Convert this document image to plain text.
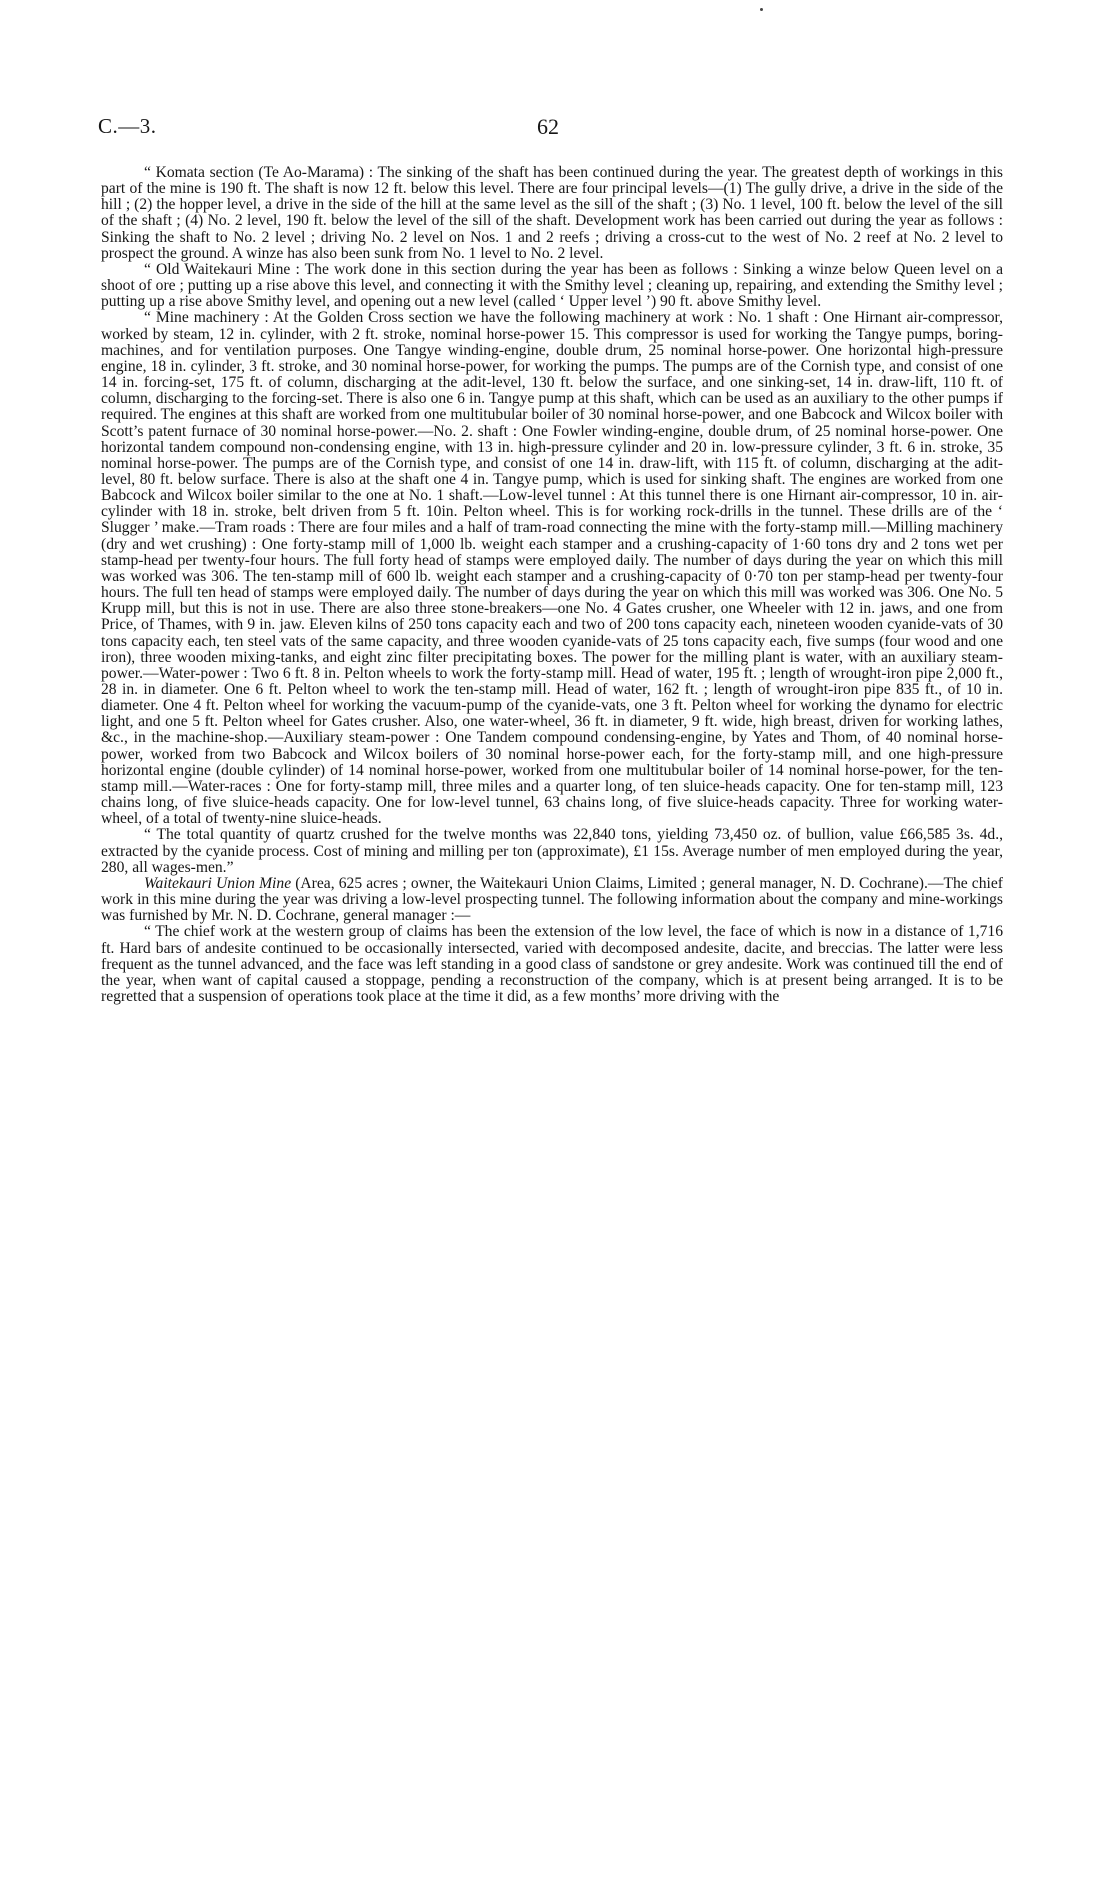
C.—3.	62

“ Komata section (Te Ao-Marama) : The sinking of the shaft has been continued during the year. The greatest depth of workings in this part of the mine is 190 ft. The shaft is now 12 ft. below this level. There are four principal levels—(1) The gully drive, a drive in the side of the hill ; (2) the hopper level, a drive in the side of the hill at the same level as the sill of the shaft ; (3) No. 1 level, 100 ft. below the level of the sill of the shaft ; (4) No. 2 level, 190 ft. below the level of the sill of the shaft. Development work has been carried out during the year as follows : Sinking the shaft to No. 2 level ; driving No. 2 level on Nos. 1 and 2 reefs ; driving a cross-cut to the west of No. 2 reef at No. 2 level to prospect the ground. A winze has also been sunk from No. 1 level to No. 2 level.

“ Old Waitekauri Mine : The work done in this section during the year has been as follows : Sinking a winze below Queen level on a shoot of ore ; putting up a rise above this level, and connecting it with the Smithy level ; cleaning up, repairing, and extending the Smithy level ; putting up a rise above Smithy level, and opening out a new level (called ‘ Upper level ’) 90 ft. above Smithy level.

“ Mine machinery : At the Golden Cross section we have the following machinery at work : No. 1 shaft : One Hirnant air-compressor, worked by steam, 12 in. cylinder, with 2 ft. stroke, nominal horse-power 15. This compressor is used for working the Tangye pumps, boring-machines, and for ventilation purposes. One Tangye winding-engine, double drum, 25 nominal horse-power. One horizontal high-pressure engine, 18 in. cylinder, 3 ft. stroke, and 30 nominal horse-power, for working the pumps. The pumps are of the Cornish type, and consist of one 14 in. forcing-set, 175 ft. of column, discharging at the adit-level, 130 ft. below the surface, and one sinking-set, 14 in. draw-lift, 110 ft. of column, discharging to the forcing-set. There is also one 6 in. Tangye pump at this shaft, which can be used as an auxiliary to the other pumps if required. The engines at this shaft are worked from one multitubular boiler of 30 nominal horse-power, and one Babcock and Wilcox boiler with Scott’s patent furnace of 30 nominal horse-power.—No. 2. shaft : One Fowler winding-engine, double drum, of 25 nominal horse-power. One horizontal tandem compound non-condensing engine, with 13 in. high-pressure cylinder and 20 in. low-pressure cylinder, 3 ft. 6 in. stroke, 35 nominal horse-power. The pumps are of the Cornish type, and consist of one 14 in. draw-lift, with 115 ft. of column, discharging at the adit-level, 80 ft. below surface. There is also at the shaft one 4 in. Tangye pump, which is used for sinking shaft. The engines are worked from one Babcock and Wilcox boiler similar to the one at No. 1 shaft.—Low-level tunnel : At this tunnel there is one Hirnant air-compressor, 10 in. air-cylinder with 18 in. stroke, belt driven from 5 ft. 10in. Pelton wheel. This is for working rock-drills in the tunnel. These drills are of the ‘ Slugger ’ make.—Tram roads : There are four miles and a half of tram-road connecting the mine with the forty-stamp mill.—Milling machinery (dry and wet crushing) : One forty-stamp mill of 1,000 lb. weight each stamper and a crushing-capacity of 1·60 tons dry and 2 tons wet per stamp-head per twenty-four hours. The full forty head of stamps were employed daily. The number of days during the year on which this mill was worked was 306. The ten-stamp mill of 600 lb. weight each stamper and a crushing-capacity of 0·70 ton per stamp-head per twenty-four hours. The full ten head of stamps were employed daily. The number of days during the year on which this mill was worked was 306. One No. 5 Krupp mill, but this is not in use. There are also three stone-breakers—one No. 4 Gates crusher, one Wheeler with 12 in. jaws, and one from Price, of Thames, with 9 in. jaw. Eleven kilns of 250 tons capacity each and two of 200 tons capacity each, nineteen wooden cyanide-vats of 30 tons capacity each, ten steel vats of the same capacity, and three wooden cyanide-vats of 25 tons capacity each, five sumps (four wood and one iron), three wooden mixing-tanks, and eight zinc filter precipitating boxes. The power for the milling plant is water, with an auxiliary steam-power.—Water-power : Two 6 ft. 8 in. Pelton wheels to work the forty-stamp mill. Head of water, 195 ft. ; length of wrought-iron pipe 2,000 ft., 28 in. in diameter. One 6 ft. Pelton wheel to work the ten-stamp mill. Head of water, 162 ft. ; length of wrought-iron pipe 835 ft., of 10 in. diameter. One 4 ft. Pelton wheel for working the vacuum-pump of the cyanide-vats, one 3 ft. Pelton wheel for working the dynamo for electric light, and one 5 ft. Pelton wheel for Gates crusher. Also, one water-wheel, 36 ft. in diameter, 9 ft. wide, high breast, driven for working lathes, &c., in the machine-shop.—Auxiliary steam-power : One Tandem compound condensing-engine, by Yates and Thom, of 40 nominal horse-power, worked from two Babcock and Wilcox boilers of 30 nominal horse-power each, for the forty-stamp mill, and one high-pressure horizontal engine (double cylinder) of 14 nominal horse-power, worked from one multitubular boiler of 14 nominal horse-power, for the ten-stamp mill.—Water-races : One for forty-stamp mill, three miles and a quarter long, of ten sluice-heads capacity. One for ten-stamp mill, 123 chains long, of five sluice-heads capacity. One for low-level tunnel, 63 chains long, of five sluice-heads capacity. Three for working water-wheel, of a total of twenty-nine sluice-heads.

“ The total quantity of quartz crushed for the twelve months was 22,840 tons, yielding 73,450 oz. of bullion, value £66,585 3s. 4d., extracted by the cyanide process. Cost of mining and milling per ton (approximate), £1 15s. Average number of men employed during the year, 280, all wages-men.”

Waitekauri Union Mine (Area, 625 acres ; owner, the Waitekauri Union Claims, Limited ; general manager, N. D. Cochrane).—The chief work in this mine during the year was driving a low-level prospecting tunnel. The following information about the company and mine-workings was furnished by Mr. N. D. Cochrane, general manager :—

“ The chief work at the western group of claims has been the extension of the low level, the face of which is now in a distance of 1,716 ft. Hard bars of andesite continued to be occasionally intersected, varied with decomposed andesite, dacite, and breccias. The latter were less frequent as the tunnel advanced, and the face was left standing in a good class of sandstone or grey andesite. Work was continued till the end of the year, when want of capital caused a stoppage, pending a reconstruction of the company, which is at present being arranged. It is to be regretted that a suspension of operations took place at the time it did, as a few months’ more driving with the
